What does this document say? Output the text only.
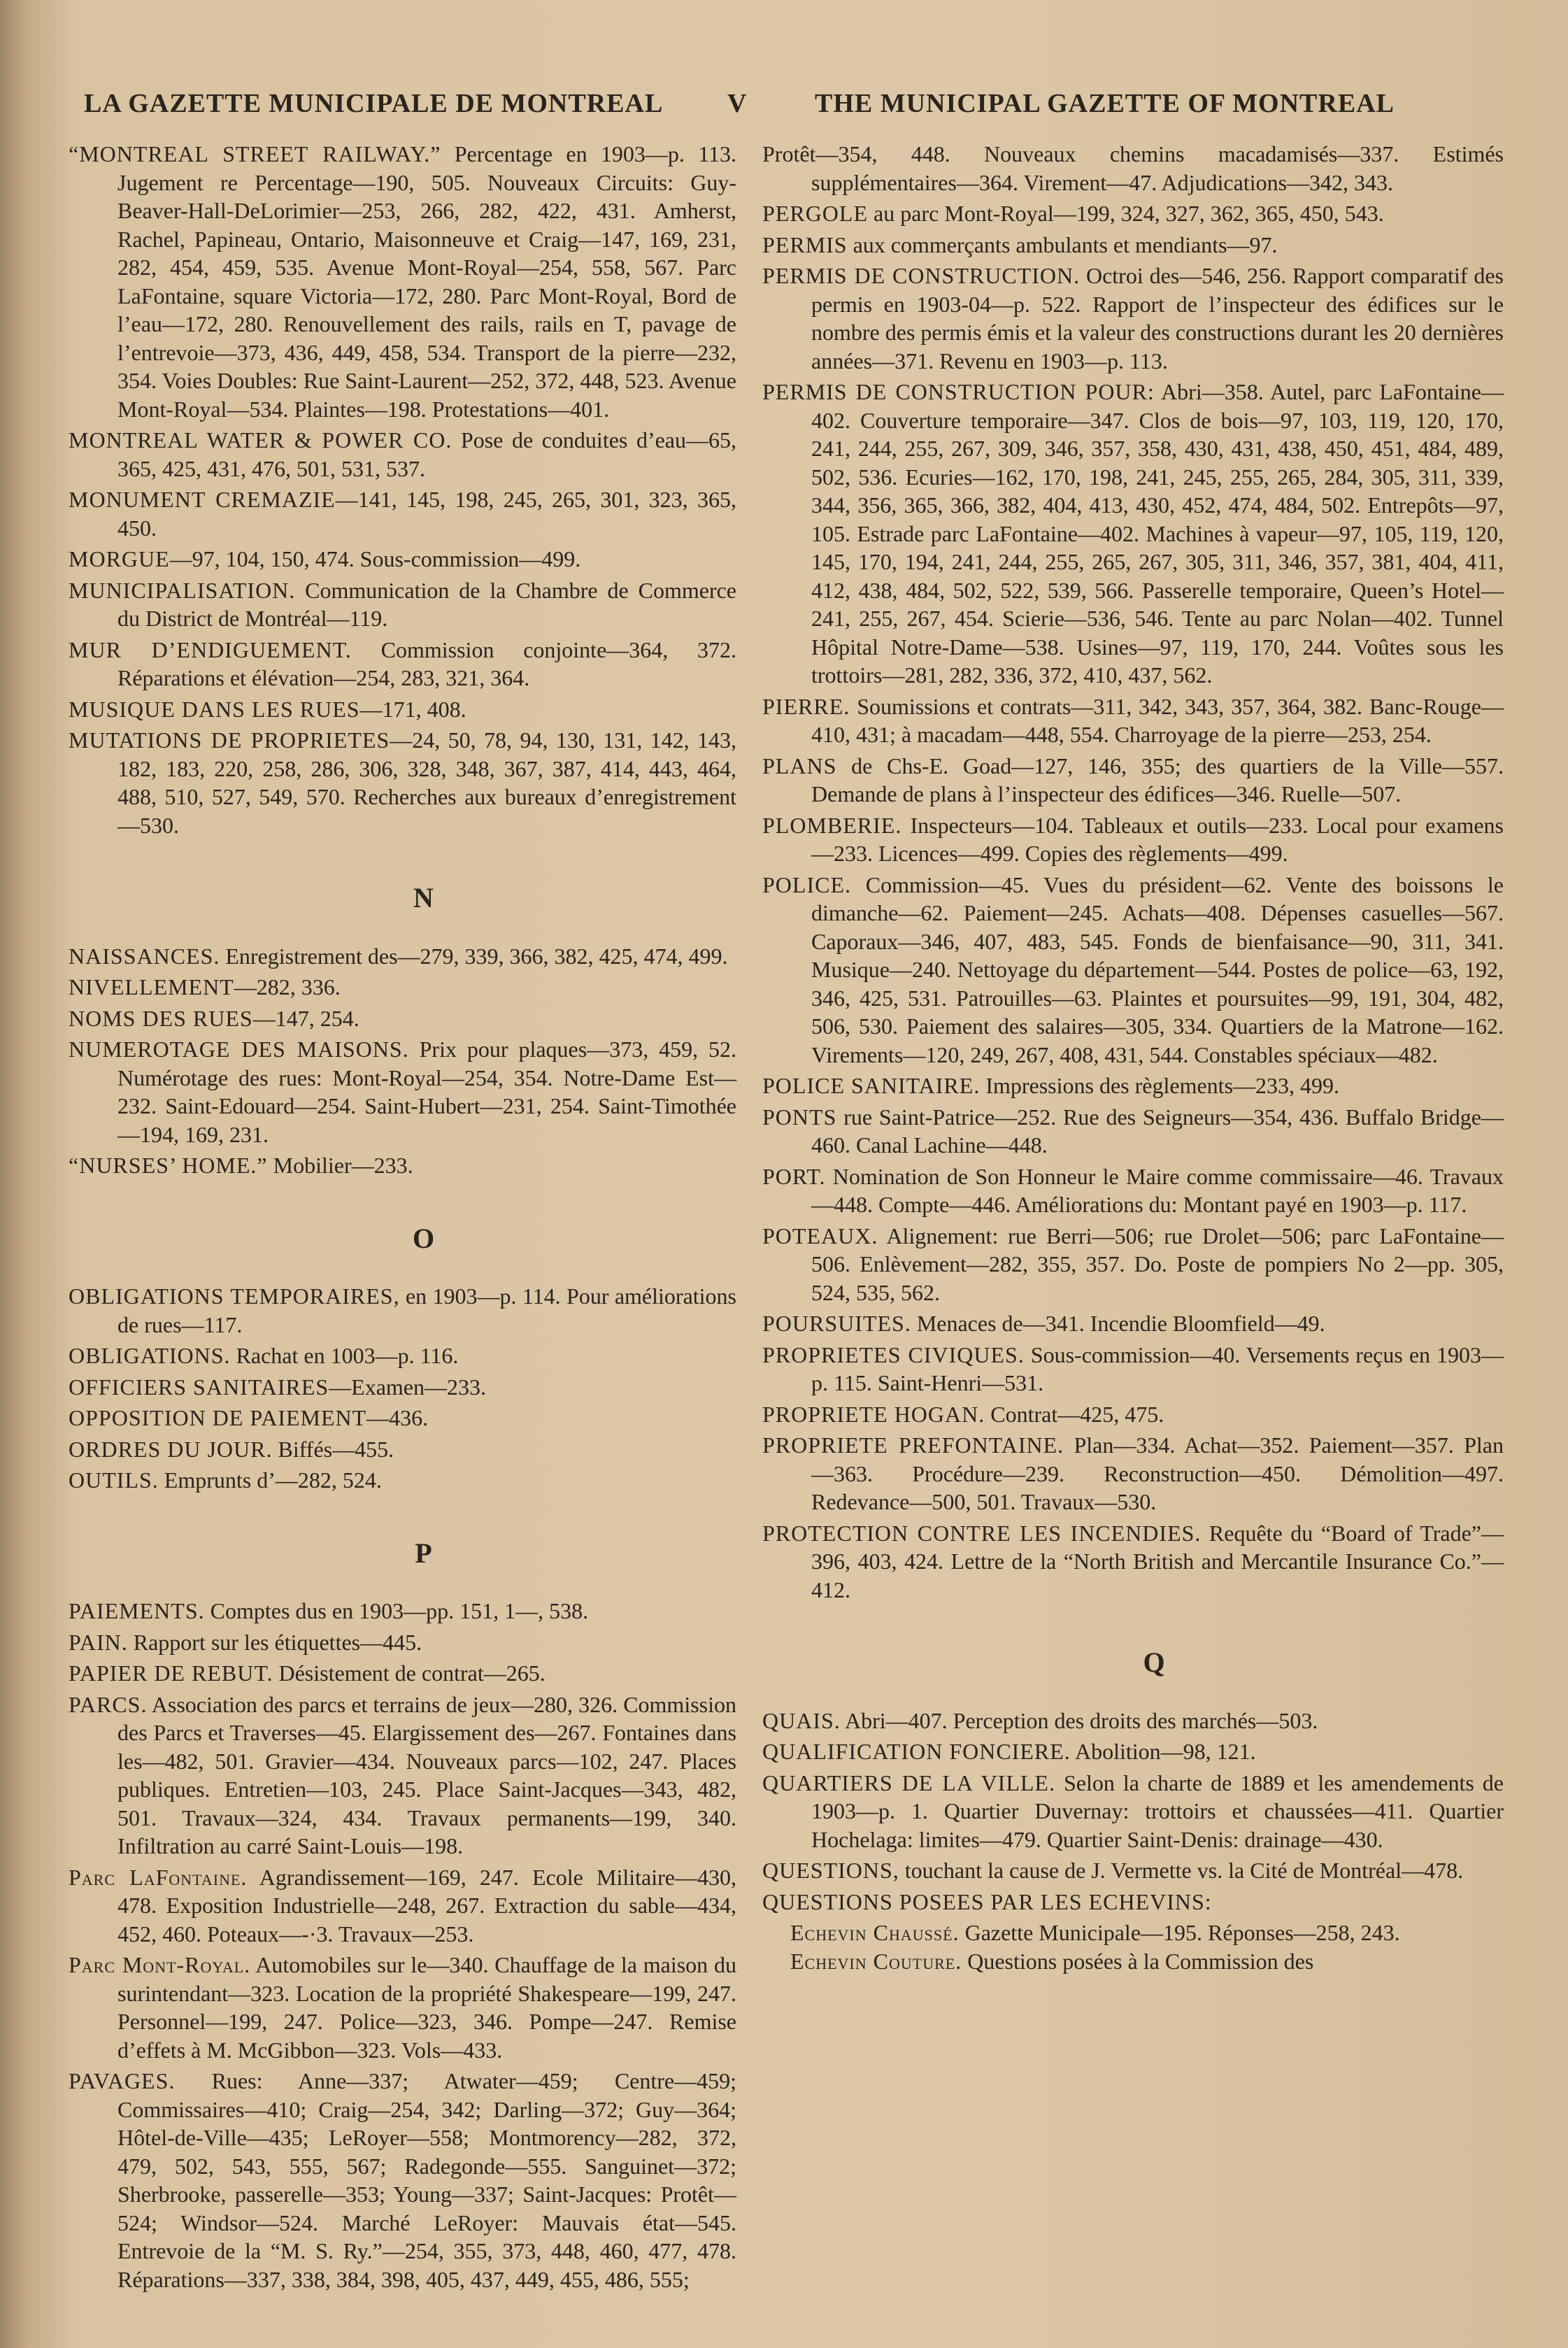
LA GAZETTE MUNICIPALE DE MONTREAL V	THE MUNICIPAL GAZETTE OF MONTREAL

“MONTREAL STREET RAILWAY.” Percentage en 1903—p. 113. Jugement re Percentage—190, 505. Nouveaux Circuits: Guy-Beaver-Hall-DeLorimier—253, 266, 282, 422, 431. Amherst, Rachel, Papineau, Ontario, Maisonneuve et Craig—147, 169, 231, 282, 454, 459, 535. Avenue Mont-Royal—254, 558, 567. Parc LaFontaine, square Victoria—172, 280. Parc Mont-Royal, Bord de l’eau—172, 280. Renouvellement des rails, rails en T, pavage de l’entrevoie—373, 436, 449, 458, 534. Transport de la pierre—232, 354. Voies Doubles: Rue Saint-Laurent—252, 372, 448, 523. Avenue Mont-Royal—534. Plaintes—198. Protestations—401.

MONTREAL WATER & POWER CO. Pose de conduites d’eau—65, 365, 425, 431, 476, 501, 531, 537.

MONUMENT CREMAZIE—141, 145, 198, 245, 265, 301, 323, 365, 450.

MORGUE—97, 104, 150, 474. Sous-commission—499.

MUNICIPALISATION. Communication de la Chambre de Commerce du District de Montréal—119.

MUR D’ENDIGUEMENT. Commission conjointe—364, 372. Réparations et élévation—254, 283, 321, 364.

MUSIQUE DANS LES RUES—171, 408.

MUTATIONS DE PROPRIETES—24, 50, 78, 94, 130, 131, 142, 143, 182, 183, 220, 258, 286, 306, 328, 348, 367, 387, 414, 443, 464, 488, 510, 527, 549, 570. Recherches aux bureaux d’enregistrement—530.

N

NAISSANCES. Enregistrement des—279, 339, 366, 382, 425, 474, 499.

NIVELLEMENT—282, 336.

NOMS DES RUES—147, 254.

NUMEROTAGE DES MAISONS. Prix pour plaques—373, 459, 52. Numérotage des rues: Mont-Royal—254, 354. Notre-Dame Est—232. Saint-Edouard—254. Saint-Hubert—231, 254. Saint-Timothée—194, 169, 231.

“NURSES’ HOME.” Mobilier—233.

O

OBLIGATIONS TEMPORAIRES, en 1903—p. 114. Pour améliorations de rues—117.

OBLIGATIONS. Rachat en 1003—p. 116.

OFFICIERS SANITAIRES—Examen—233.

OPPOSITION DE PAIEMENT—436.

ORDRES DU JOUR. Biffés—455.

OUTILS. Emprunts d’—282, 524.

P

PAIEMENTS. Comptes dus en 1903—pp. 151, 1—, 538.

PAIN. Rapport sur les étiquettes—445.

PAPIER DE REBUT. Désistement de contrat—265.

PARCS. Association des parcs et terrains de jeux—280, 326. Commission des Parcs et Traverses—45. Elargissement des—267. Fontaines dans les—482, 501. Gravier—434. Nouveaux parcs—102, 247. Places publiques. Entretien—103, 245. Place Saint-Jacques—343, 482, 501. Travaux—324, 434. Travaux permanents—199, 340. Infiltration au carré Saint-Louis—198.

Parc LaFontaine. Agrandissement—169, 247. Ecole Militaire—430, 478. Exposition Industrielle—248, 267. Extraction du sable—434, 452, 460. Poteaux—-·3. Travaux—253.

Parc Mont-Royal. Automobiles sur le—340. Chauffage de la maison du surintendant—323. Location de la propriété Shakespeare—199, 247. Personnel—199, 247. Police—323, 346. Pompe—247. Remise d’effets à M. McGibbon—323. Vols—433.

PAVAGES. Rues: Anne—337; Atwater—459; Centre—459; Commissaires—410; Craig—254, 342; Darling—372; Guy—364; Hôtel-de-Ville—435; LeRoyer—558; Montmorency—282, 372, 479, 502, 543, 555, 567; Radegonde—555. Sanguinet—372; Sherbrooke, passerelle—353; Young—337; Saint-Jacques: Protêt—524; Windsor—524. Marché LeRoyer: Mauvais état—545. Entrevoie de la “M. S. Ry.”—254, 355, 373, 448, 460, 477, 478. Réparations—337, 338, 384, 398, 405, 437, 449, 455, 486, 555;

Protêt—354, 448. Nouveaux chemins macadamisés—337. Estimés supplémentaires—364. Virement—47. Adjudications—342, 343.

PERGOLE au parc Mont-Royal—199, 324, 327, 362, 365, 450, 543.

PERMIS aux commerçants ambulants et mendiants—97.

PERMIS DE CONSTRUCTION. Octroi des—546, 256. Rapport comparatif des permis en 1903-04—p. 522. Rapport de l’inspecteur des édifices sur le nombre des permis émis et la valeur des constructions durant les 20 dernières années—371. Revenu en 1903—p. 113.

PERMIS DE CONSTRUCTION POUR: Abri—358. Autel, parc LaFontaine—402. Couverture temporaire—347. Clos de bois—97, 103, 119, 120, 170, 241, 244, 255, 267, 309, 346, 357, 358, 430, 431, 438, 450, 451, 484, 489, 502, 536. Ecuries—162, 170, 198, 241, 245, 255, 265, 284, 305, 311, 339, 344, 356, 365, 366, 382, 404, 413, 430, 452, 474, 484, 502. Entrepôts—97, 105. Estrade parc LaFontaine—402. Machines à vapeur—97, 105, 119, 120, 145, 170, 194, 241, 244, 255, 265, 267, 305, 311, 346, 357, 381, 404, 411, 412, 438, 484, 502, 522, 539, 566. Passerelle temporaire, Queen’s Hotel—241, 255, 267, 454. Scierie—536, 546. Tente au parc Nolan—402. Tunnel Hôpital Notre-Dame—538. Usines—97, 119, 170, 244. Voûtes sous les trottoirs—281, 282, 336, 372, 410, 437, 562.

PIERRE. Soumissions et contrats—311, 342, 343, 357, 364, 382. Banc-Rouge—410, 431; à macadam—448, 554. Charroyage de la pierre—253, 254.

PLANS de Chs-E. Goad—127, 146, 355; des quartiers de la Ville—557. Demande de plans à l’inspecteur des édifices—346. Ruelle—507.

PLOMBERIE. Inspecteurs—104. Tableaux et outils—233. Local pour examens—233. Licences—499. Copies des règlements—499.

POLICE. Commission—45. Vues du président—62. Vente des boissons le dimanche—62. Paiement—245. Achats—408. Dépenses casuelles—567. Caporaux—346, 407, 483, 545. Fonds de bienfaisance—90, 311, 341. Musique—240. Nettoyage du département—544. Postes de police—63, 192, 346, 425, 531. Patrouilles—63. Plaintes et poursuites—99, 191, 304, 482, 506, 530. Paiement des salaires—305, 334. Quartiers de la Matrone—162. Virements—120, 249, 267, 408, 431, 544. Constables spéciaux—482.

POLICE SANITAIRE. Impressions des règlements—233, 499.

PONTS rue Saint-Patrice—252. Rue des Seigneurs—354, 436. Buffalo Bridge—460. Canal Lachine—448.

PORT. Nomination de Son Honneur le Maire comme commissaire—46. Travaux—448. Compte—446. Améliorations du: Montant payé en 1903—p. 117.

POTEAUX. Alignement: rue Berri—506; rue Drolet—506; parc LaFontaine—506. Enlèvement—282, 355, 357. Do. Poste de pompiers No 2—pp. 305, 524, 535, 562.

POURSUITES. Menaces de—341. Incendie Bloomfield—49.

PROPRIETES CIVIQUES. Sous-commission—40. Versements reçus en 1903—p. 115. Saint-Henri—531.

PROPRIETE HOGAN. Contrat—425, 475.

PROPRIETE PREFONTAINE. Plan—334. Achat—352. Paiement—357. Plan—363. Procédure—239. Reconstruction—450. Démolition—497. Redevance—500, 501. Travaux—530.

PROTECTION CONTRE LES INCENDIES. Requête du “Board of Trade”—396, 403, 424. Lettre de la “North British and Mercantile Insurance Co.”—412.

Q

QUAIS. Abri—407. Perception des droits des marchés—503.

QUALIFICATION FONCIERE. Abolition—98, 121.

QUARTIERS DE LA VILLE. Selon la charte de 1889 et les amendements de 1903—p. 1. Quartier Duvernay: trottoirs et chaussées—411. Quartier Hochelaga: limites—479. Quartier Saint-Denis: drainage—430.

QUESTIONS, touchant la cause de J. Vermette vs. la Cité de Montréal—478.

QUESTIONS POSEES PAR LES ECHEVINS:

Echevin Chaussé. Gazette Municipale—195. Réponses—258, 243.

Echevin Couture. Questions posées à la Commission des
